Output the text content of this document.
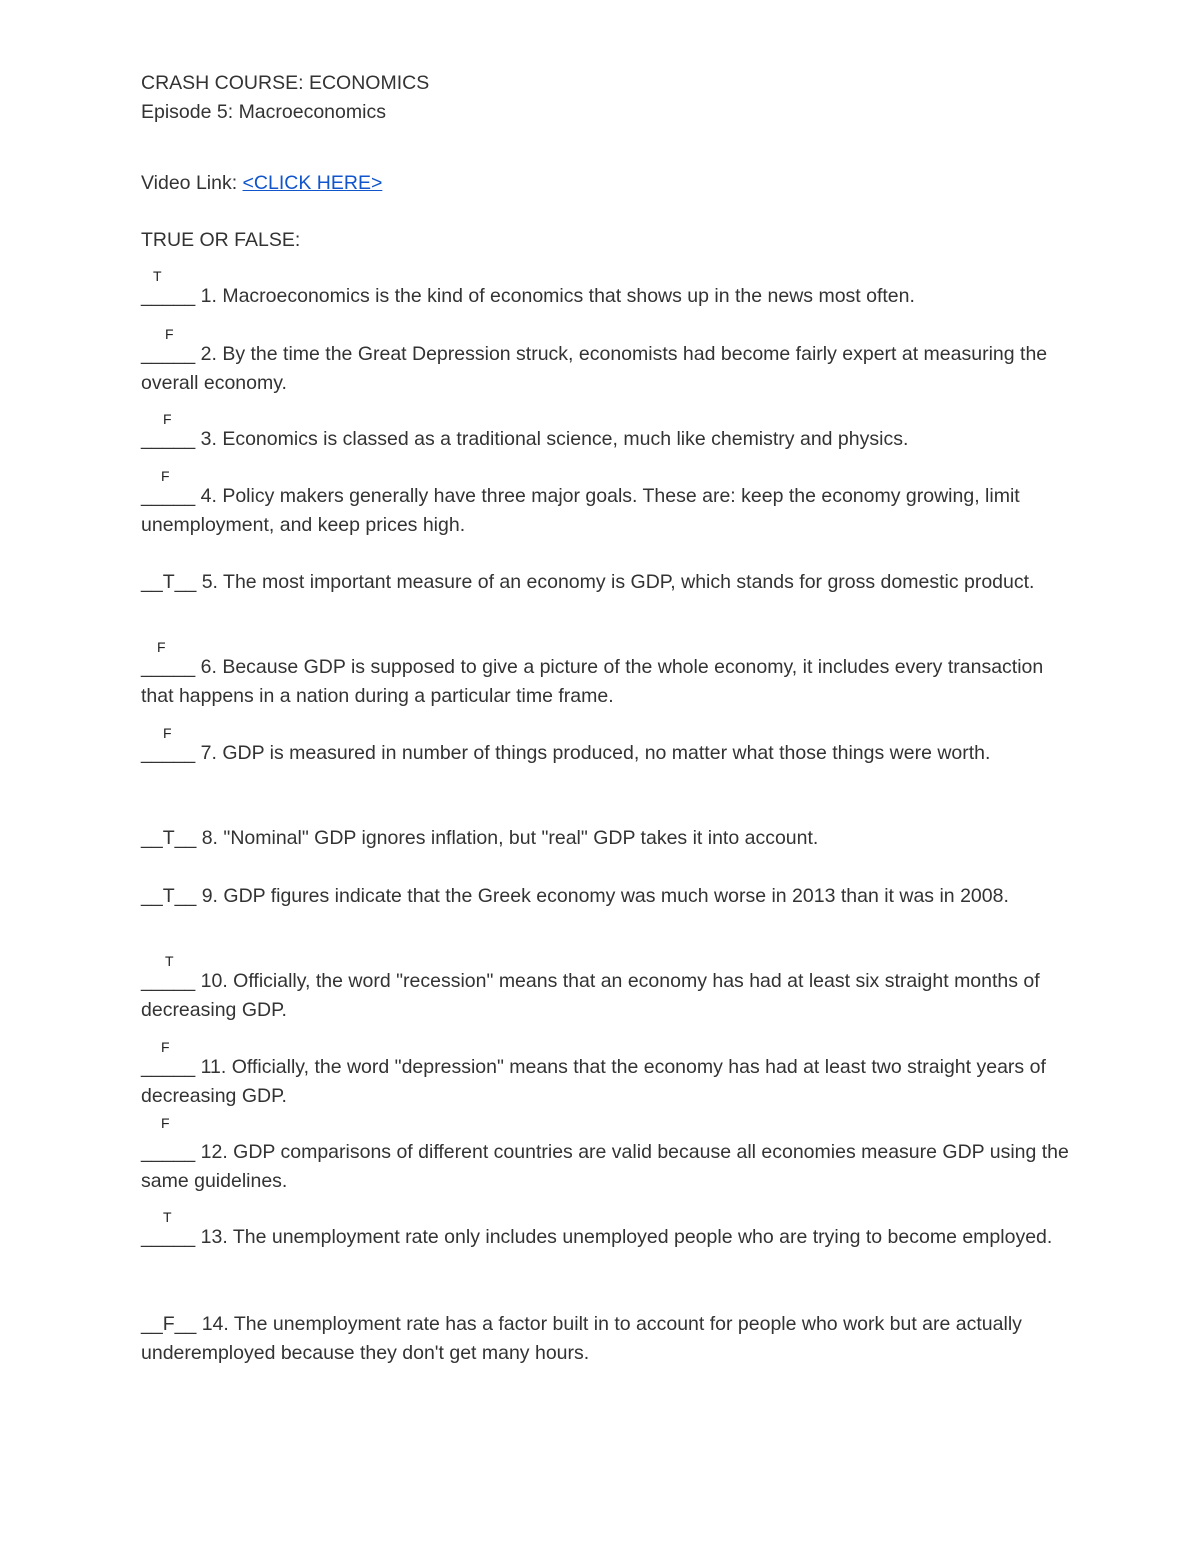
CRASH COURSE: ECONOMICS
Episode 5: Macroeconomics
Video Link: <CLICK HERE>
TRUE OR FALSE:
_____
T
1. Macroeconomics is the kind of economics that shows up in the news most often.
_____
F
2. By the time the Great Depression struck, economists had become fairly expert at measuring the overall economy.
_____
F
3. Economics is classed as a traditional science, much like chemistry and physics.
_____
F
4. Policy makers generally have three major goals. These are: keep the economy growing, limit unemployment, and keep prices high.
__T__ 5. The most important measure of an economy is GDP, which stands for gross domestic product.
_____
F
6. Because GDP is supposed to give a picture of the whole economy, it includes every transaction that happens in a nation during a particular time frame.
_____
F
7. GDP is measured in number of things produced, no matter what those things were worth.
__T__ 8. "Nominal" GDP ignores inflation, but "real" GDP takes it into account.
__T__ 9. GDP figures indicate that the Greek economy was much worse in 2013 than it was in 2008.
_____
T
10. Officially, the word "recession" means that an economy has had at least six straight months of decreasing GDP.
_____
F
11. Officially, the word "depression" means that the economy has had at least two straight years of decreasing GDP.
_____
F
12. GDP comparisons of different countries are valid because all economies measure GDP using the same guidelines.
_____
T
13. The unemployment rate only includes unemployed people who are trying to become employed.
__F__ 14. The unemployment rate has a factor built in to account for people who work but are actually underemployed because they don't get many hours.
